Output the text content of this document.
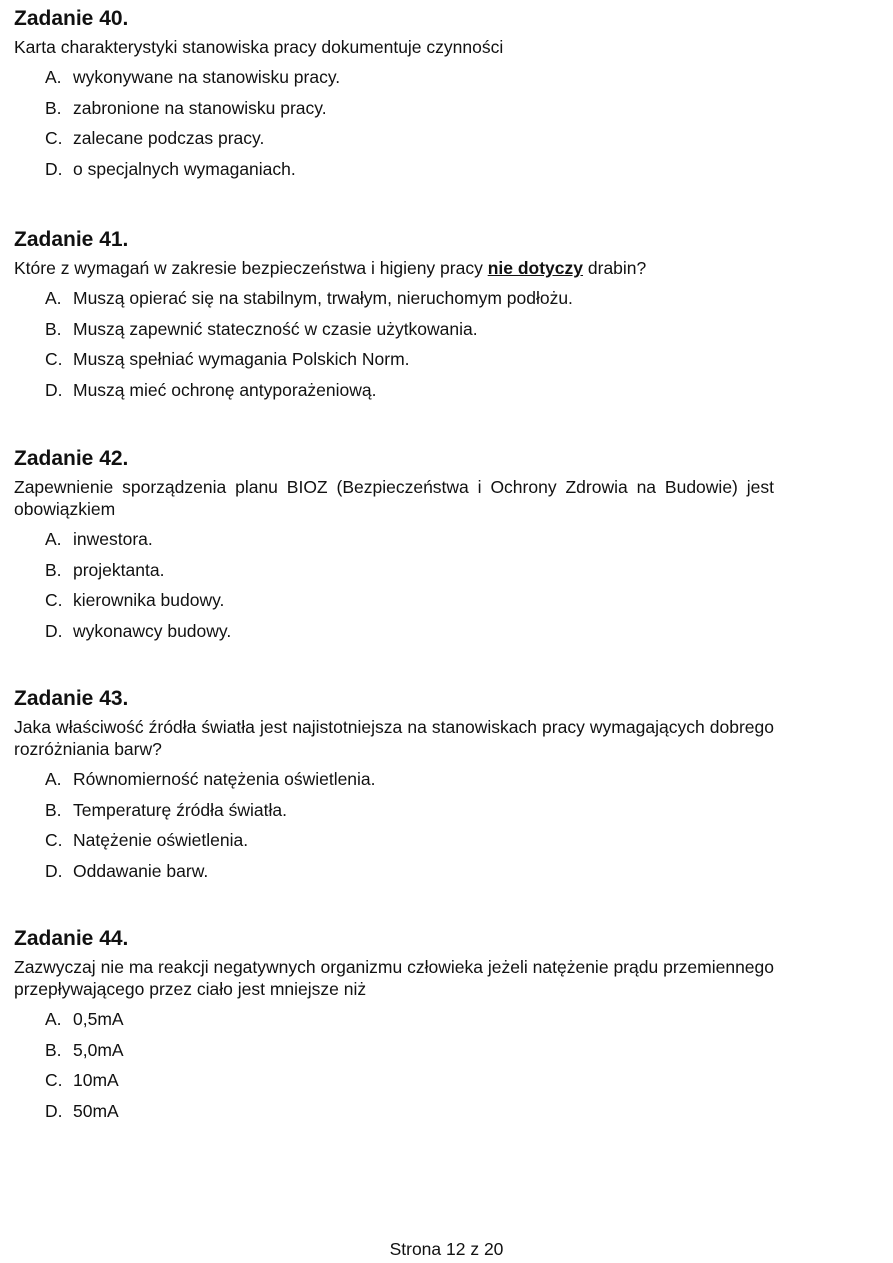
Zadanie 40.
Karta charakterystyki stanowiska pracy dokumentuje czynności
A. wykonywane na stanowisku pracy.
B. zabronione na stanowisku pracy.
C. zalecane podczas pracy.
D. o specjalnych wymaganiach.
Zadanie 41.
Które z wymagań w zakresie bezpieczeństwa i higieny pracy nie dotyczy drabin?
A. Muszą opierać się na stabilnym, trwałym, nieruchomym podłożu.
B. Muszą zapewnić stateczność w czasie użytkowania.
C. Muszą spełniać wymagania Polskich Norm.
D. Muszą mieć ochronę antyporażeniową.
Zadanie 42.
Zapewnienie sporządzenia planu BIOZ (Bezpieczeństwa i Ochrony Zdrowia na Budowie) jest obowiązkiem
A. inwestora.
B. projektanta.
C. kierownika budowy.
D. wykonawcy budowy.
Zadanie 43.
Jaka właściwość źródła światła jest najistotniejsza na stanowiskach pracy wymagających dobrego rozróżniania barw?
A. Równomierność natężenia oświetlenia.
B. Temperaturę źródła światła.
C. Natężenie oświetlenia.
D. Oddawanie barw.
Zadanie 44.
Zazwyczaj nie ma reakcji negatywnych organizmu człowieka jeżeli natężenie prądu przemiennego przepływającego przez ciało jest mniejsze niż
A. 0,5mA
B. 5,0mA
C. 10mA
D. 50mA
Strona 12 z 20
